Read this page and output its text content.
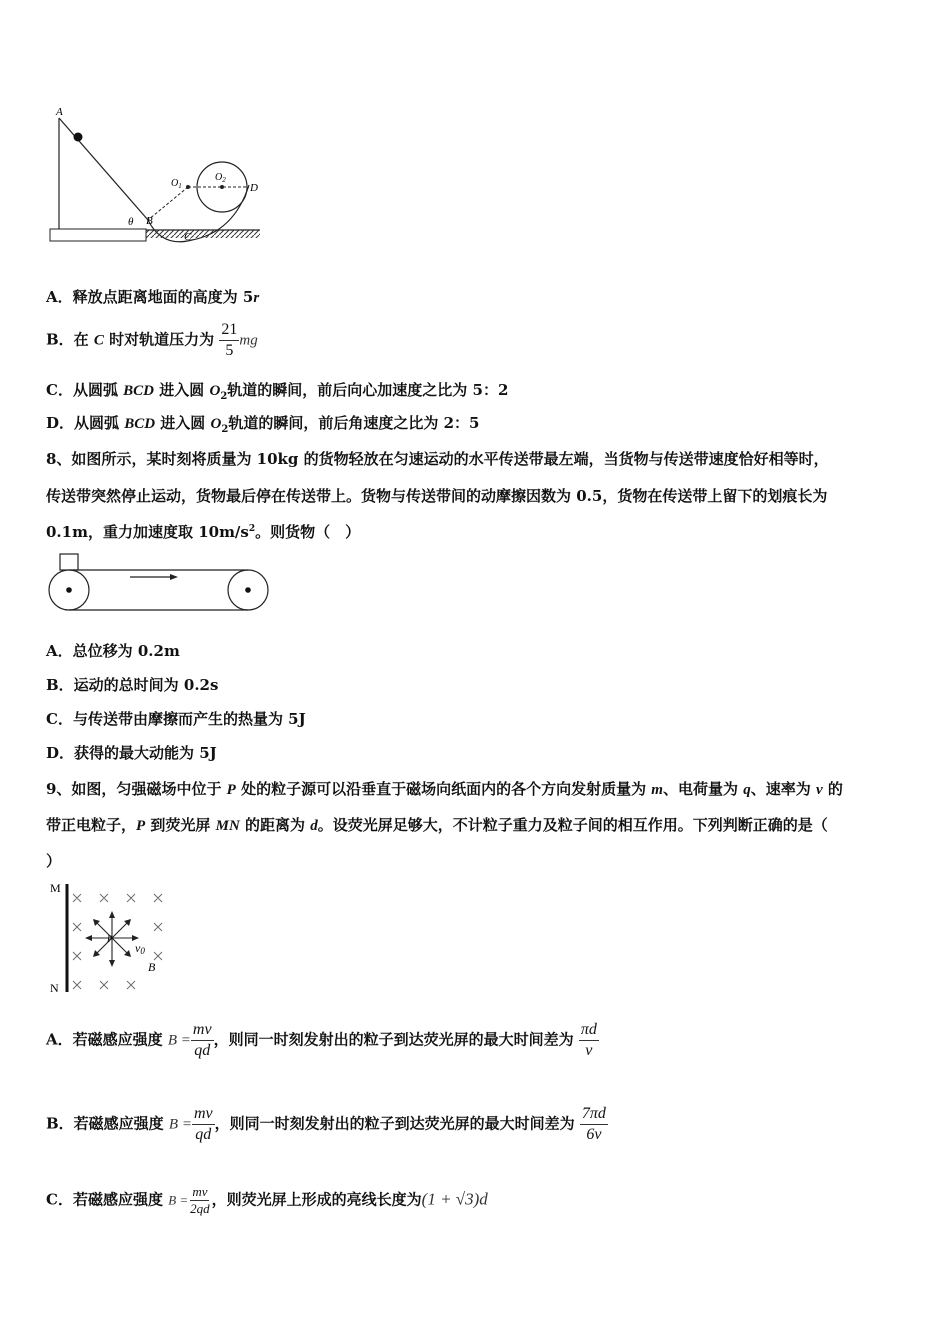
A
B
C
D
θ
$O_1$
$O_2$
A．释放点距离地面的高度为 5r
B．在 C 时对轨道压力为 $\frac{21}{5}$ mg
C．从圆弧 BCD 进入圆 $O_2$轨道的瞬间，前后向心加速度之比为 5：2
D．从圆弧 BCD 进入圆 $O_2$轨道的瞬间，前后角速度之比为 2：5
8、如图所示，某时刻将质量为 10kg 的货物轻放在匀速运动的水平传送带最左端，当货物与传送带速度恰好相等时，
传送带突然停止运动，货物最后停在传送带上。货物与传送带间的动摩擦因数为 0.5，货物在传送带上留下的划痕长为
0.1m，重力加速度取 $10m/s^2$。则货物（　）
A．总位移为 0.2m
B．运动的总时间为 0.2s
C．与传送带由摩擦而产生的热量为 5J
D．获得的最大动能为 5J
9、如图，匀强磁场中位于 P 处的粒子源可以沿垂直于磁场向纸面内的各个方向发射质量为 m、电荷量为 q、速率为 v 的
带正电粒子，P 到荧光屏 MN 的距离为 d。设荧光屏足够大，不计粒子重力及粒子间的相互作用。下列判断正确的是（
）
M
N
P
v0
B
A．若磁感应强度 $B = \frac{mv}{qd}$ ，则同一时刻发射出的粒子到达荧光屏的最大时间差为 $\frac{\pi d}{v}$
B．若磁感应强度 $B = \frac{mv}{qd}$ ，则同一时刻发射出的粒子到达荧光屏的最大时间差为 $\frac{7\pi d}{6v}$
C．若磁感应强度 $B = \frac{mv}{2qd}$ ，则荧光屏上形成的亮线长度为(1 + √3)d
